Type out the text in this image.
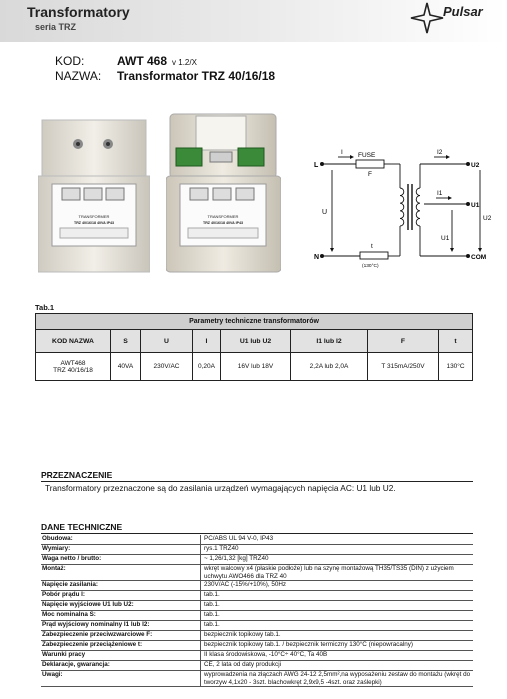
Transformatory
seria TRZ
Pulsar
KOD:	AWT 468 v 1.2/X
NAZWA: Transformator TRZ 40/16/18
TRANSFORMER
TRZ 40/16/18 40VA IP43
TRANSFORMER
TRZ 40/16/18 40VA IP43
L
N
FUSE
F
I
U
t
(130°C)
I2
I1
U2
U1
COM
U1
U2
Tab.1
Parametry techniczne transformatorów							
KOD NAZWA	S	U	I	U1 lub U2	I1 lub I2	F	t

AWT468
TRZ 40/16/18	40VA	230V/AC	0,20A	16V lub 18V	2,2A lub 2,0A	T 315mA/250V	130°C
PRZEZNACZENIE
Transformatory przeznaczone są do zasilania urządzeń wymagających napięcia AC: U1 lub U2.
DANE TECHNICZNE
Obudowa:	PC/ABS UL 94 V-0, IP43
Wymiary:	rys.1 TRZ40
Waga netto / brutto:	~ 1,26/1,32 [kg] TRZ40
Montaż:	wkręt walcowy x4 (płaskie podłoże) lub na szynę montażową TH35/TS35 (DIN) z użyciem uchwytu AWO466 dla TRZ 40
Napięcie zasilania:	230V/AC (-15%/+10%), 50Hz
Pobór prądu I:	tab.1.
Napięcie wyjściowe U1 lub U2:	tab.1.
Moc nominalna S:	tab.1.
Prąd wyjściowy nominalny I1 lub I2:	tab.1.
Zabezpieczenie przeciwzwarciowe F:	bezpiecznik topikowy tab.1.
Zabezpieczenie przeciążeniowe t:	bezpiecznik topikowy tab.1. / bezpiecznik termiczny 130°C (niepowracalny)
Warunki pracy	II klasa środowiskowa, -10°C÷ 40°C, Ta 40B
Deklaracje, gwarancja:	CE, 2 lata od daty produkcji
Uwagi:	wyprowadzenia na złączach AWG 24-12 2,5mm²,na wyposażeniu zestaw do montażu (wkręt do tworzyw 4,1x20 - 3szt. blachowkręt 2,9x9,5 -4szt. oraz zaślepki)
